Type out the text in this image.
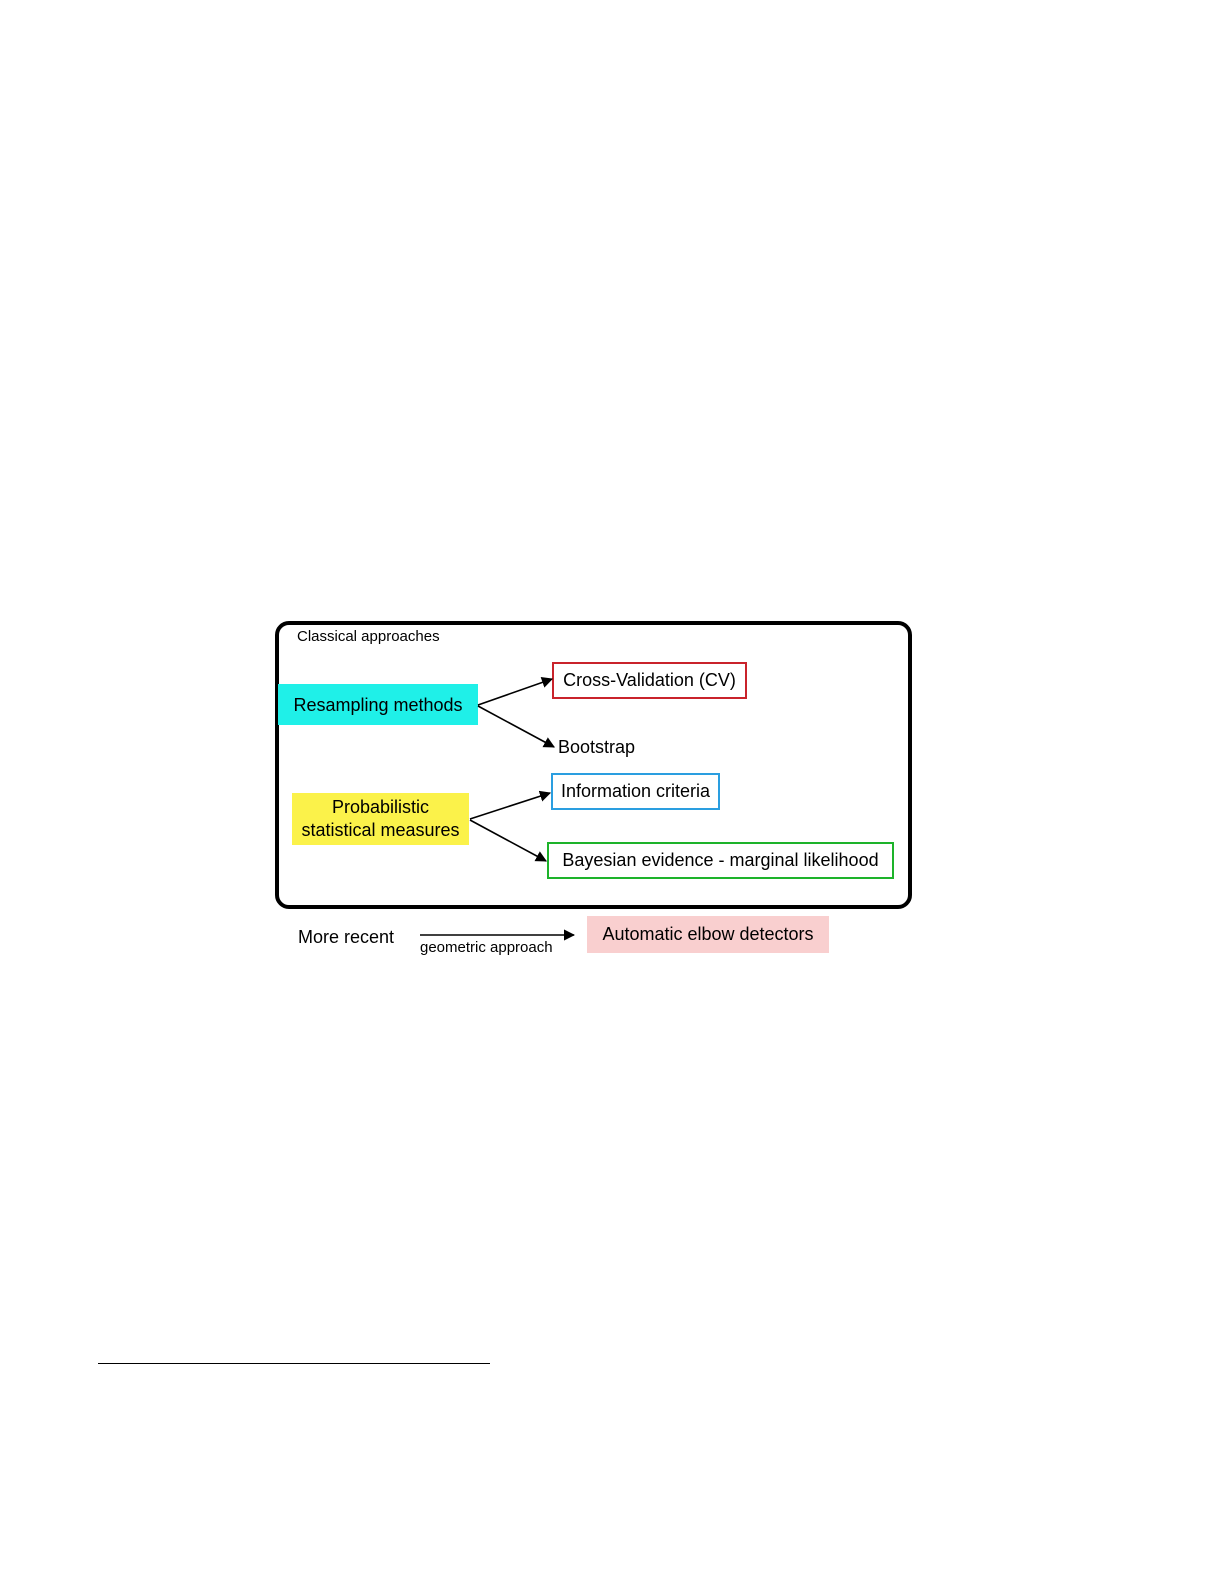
Classical approaches
Resampling methods
Probabilistic
statistical measures
Cross-Validation (CV)
Bootstrap
Information criteria
Bayesian evidence - marginal likelihood
More recent
geometric approach
Automatic elbow detectors
